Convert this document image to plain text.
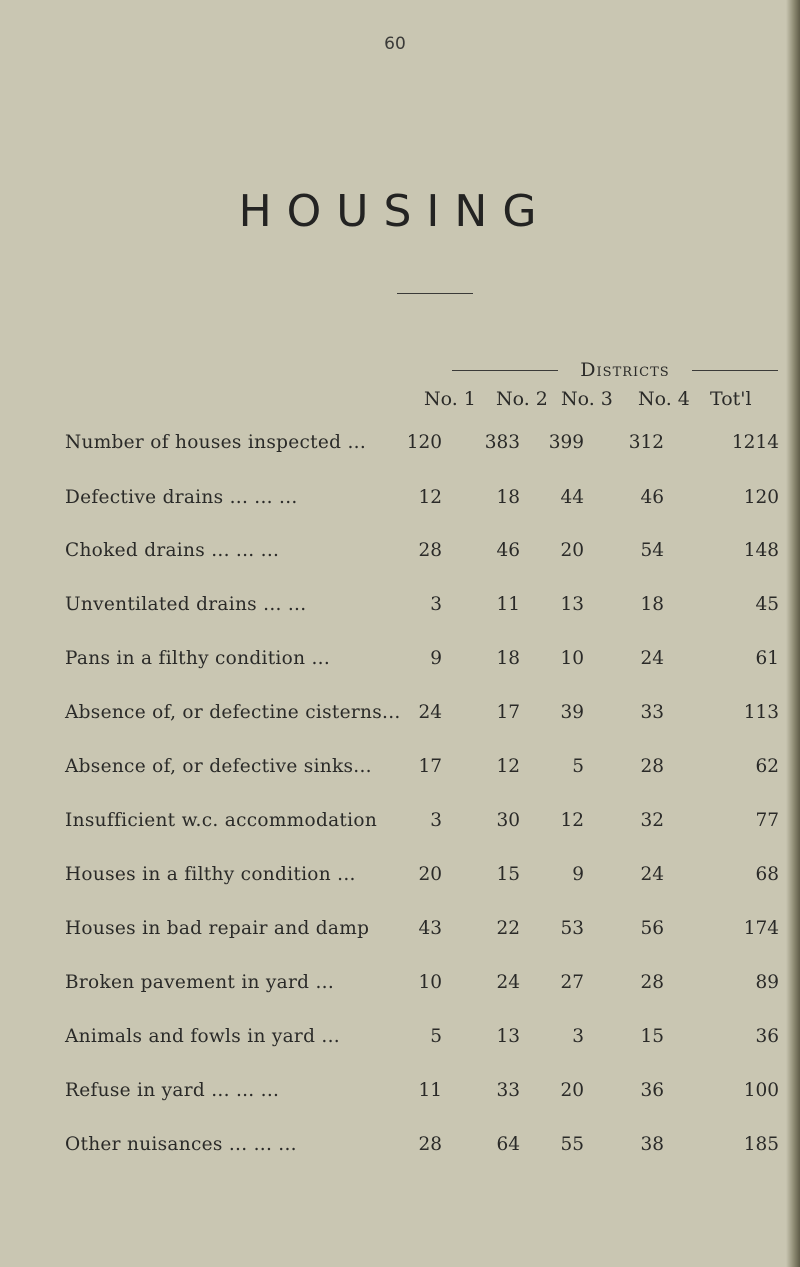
60
HOUSING
Districts
No. 1 No. 2 No. 3 No. 4 Tot'l
Number of houses inspected ...	120	383	399	312	1214
Defective drains ... ... ...	12	18	44	46	120
Choked drains ... ... ...	28	46	20	54	148
Unventilated drains ... ...	3	11	13	18	45
Pans in a filthy condition ...	9	18	10	24	61
Absence of, or defectine cisterns... 24	17	39	33	113
Absence of, or defective sinks...	17	12	5	28	62
Insufficient w.c. accommodation	3	30	12	32	77
Houses in a filthy condition ...	20	15	9	24	68
Houses in bad repair and damp	43	22	53	56	174
Broken pavement in yard ...	10	24	27	28	89
Animals and fowls in yard ...	5	13	3	15	36
Refuse in yard ... ... ...	11	33	20	36	100
Other nuisances ... ... ...	28	64	55	38	185
